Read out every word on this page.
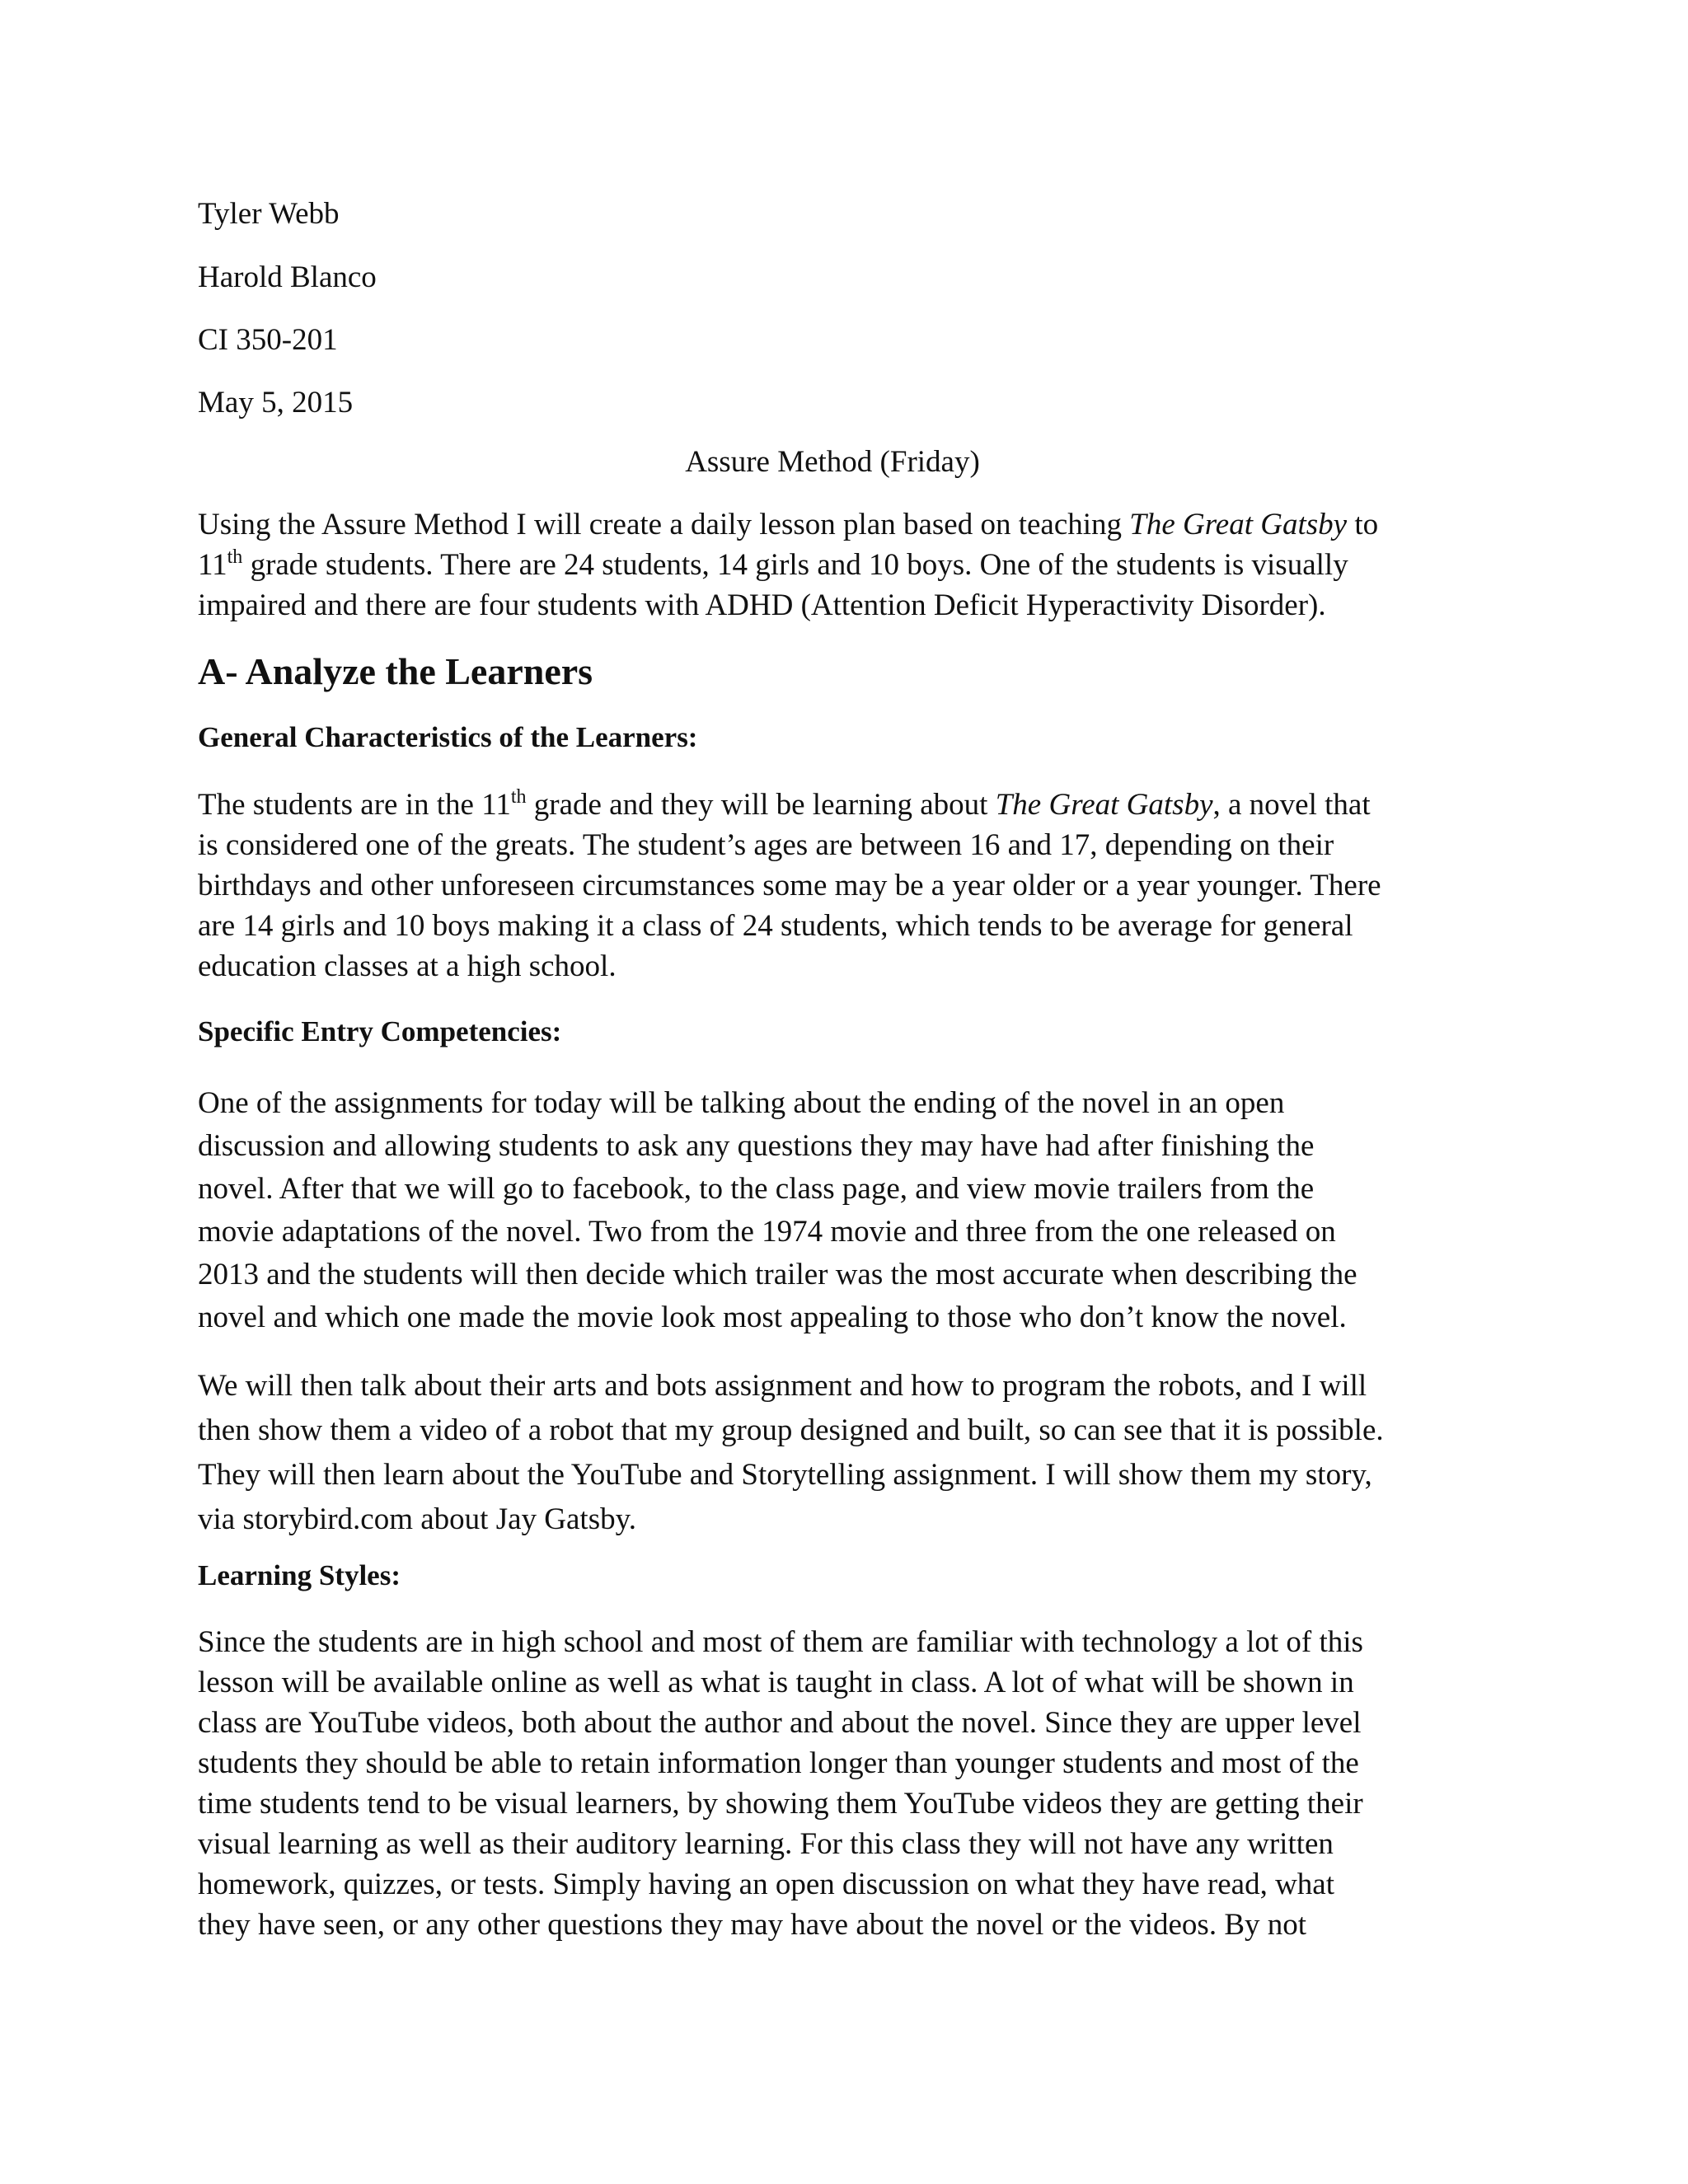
Tyler Webb
Harold Blanco
CI 350-201
May 5, 2015
Assure Method (Friday)

Using the Assure Method I will create a daily lesson plan based on teaching The Great Gatsby to
11th grade students. There are 24 students, 14 girls and 10 boys. One of the students is visually
impaired and there are four students with ADHD (Attention Deficit Hyperactivity Disorder).

A- Analyze the Learners
General Characteristics of the Learners:

The students are in the 11th grade and they will be learning about The Great Gatsby, a novel that
is considered one of the greats. The student’s ages are between 16 and 17, depending on their
birthdays and other unforeseen circumstances some may be a year older or a year younger. There
are 14 girls and 10 boys making it a class of 24 students, which tends to be average for general
education classes at a high school.

Specific Entry Competencies:

One of the assignments for today will be talking about the ending of the novel in an open
discussion and allowing students to ask any questions they may have had after finishing the
novel. After that we will go to facebook, to the class page, and view movie trailers from the
movie adaptations of the novel. Two from the 1974 movie and three from the one released on
2013 and the students will then decide which trailer was the most accurate when describing the
novel and which one made the movie look most appealing to those who don’t know the novel.

We will then talk about their arts and bots assignment and how to program the robots, and I will
then show them a video of a robot that my group designed and built, so can see that it is possible.
They will then learn about the YouTube and Storytelling assignment. I will show them my story,
via storybird.com about Jay Gatsby.

Learning Styles:

Since the students are in high school and most of them are familiar with technology a lot of this
lesson will be available online as well as what is taught in class. A lot of what will be shown in
class are YouTube videos, both about the author and about the novel. Since they are upper level
students they should be able to retain information longer than younger students and most of the
time students tend to be visual learners, by showing them YouTube videos they are getting their
visual learning as well as their auditory learning. For this class they will not have any written
homework, quizzes, or tests. Simply having an open discussion on what they have read, what
they have seen, or any other questions they may have about the novel or the videos. By not
